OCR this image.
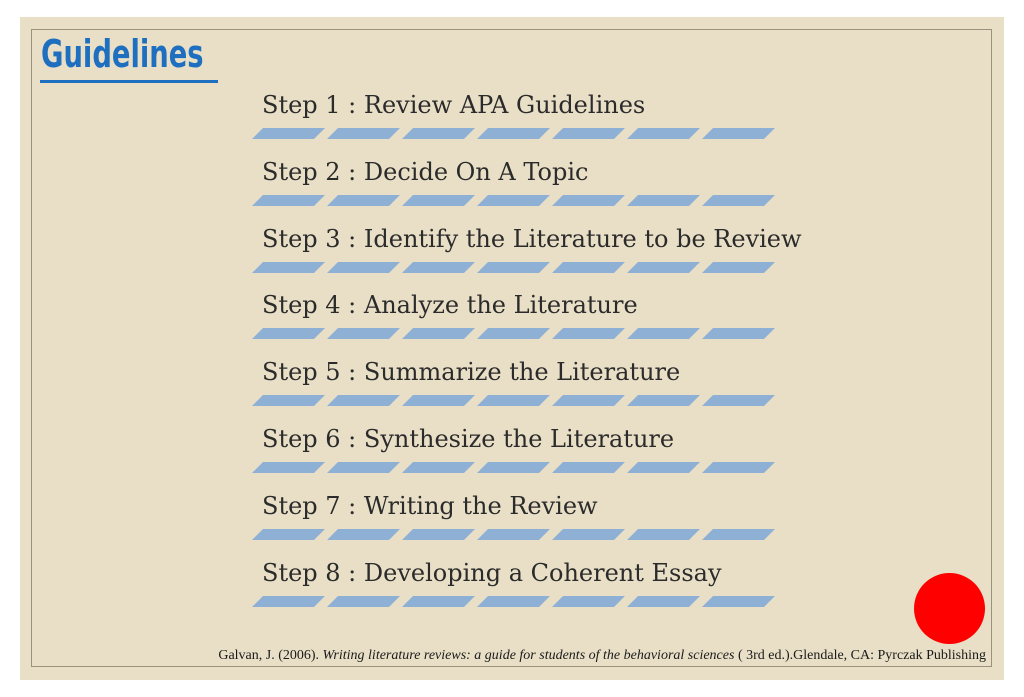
Guidelines
Step 1 : Review APA Guidelines
Step 2 : Decide On A Topic
Step 3 : Identify the Literature to be Review
Step 4 : Analyze the Literature
Step 5 : Summarize the Literature
Step 6 : Synthesize the Literature
Step 7 : Writing the Review
Step 8 : Developing a Coherent Essay
Galvan, J. (2006). Writing literature reviews: a guide for students of the behavioral sciences ( 3rd ed.).Glendale, CA: Pyrczak Publishing
